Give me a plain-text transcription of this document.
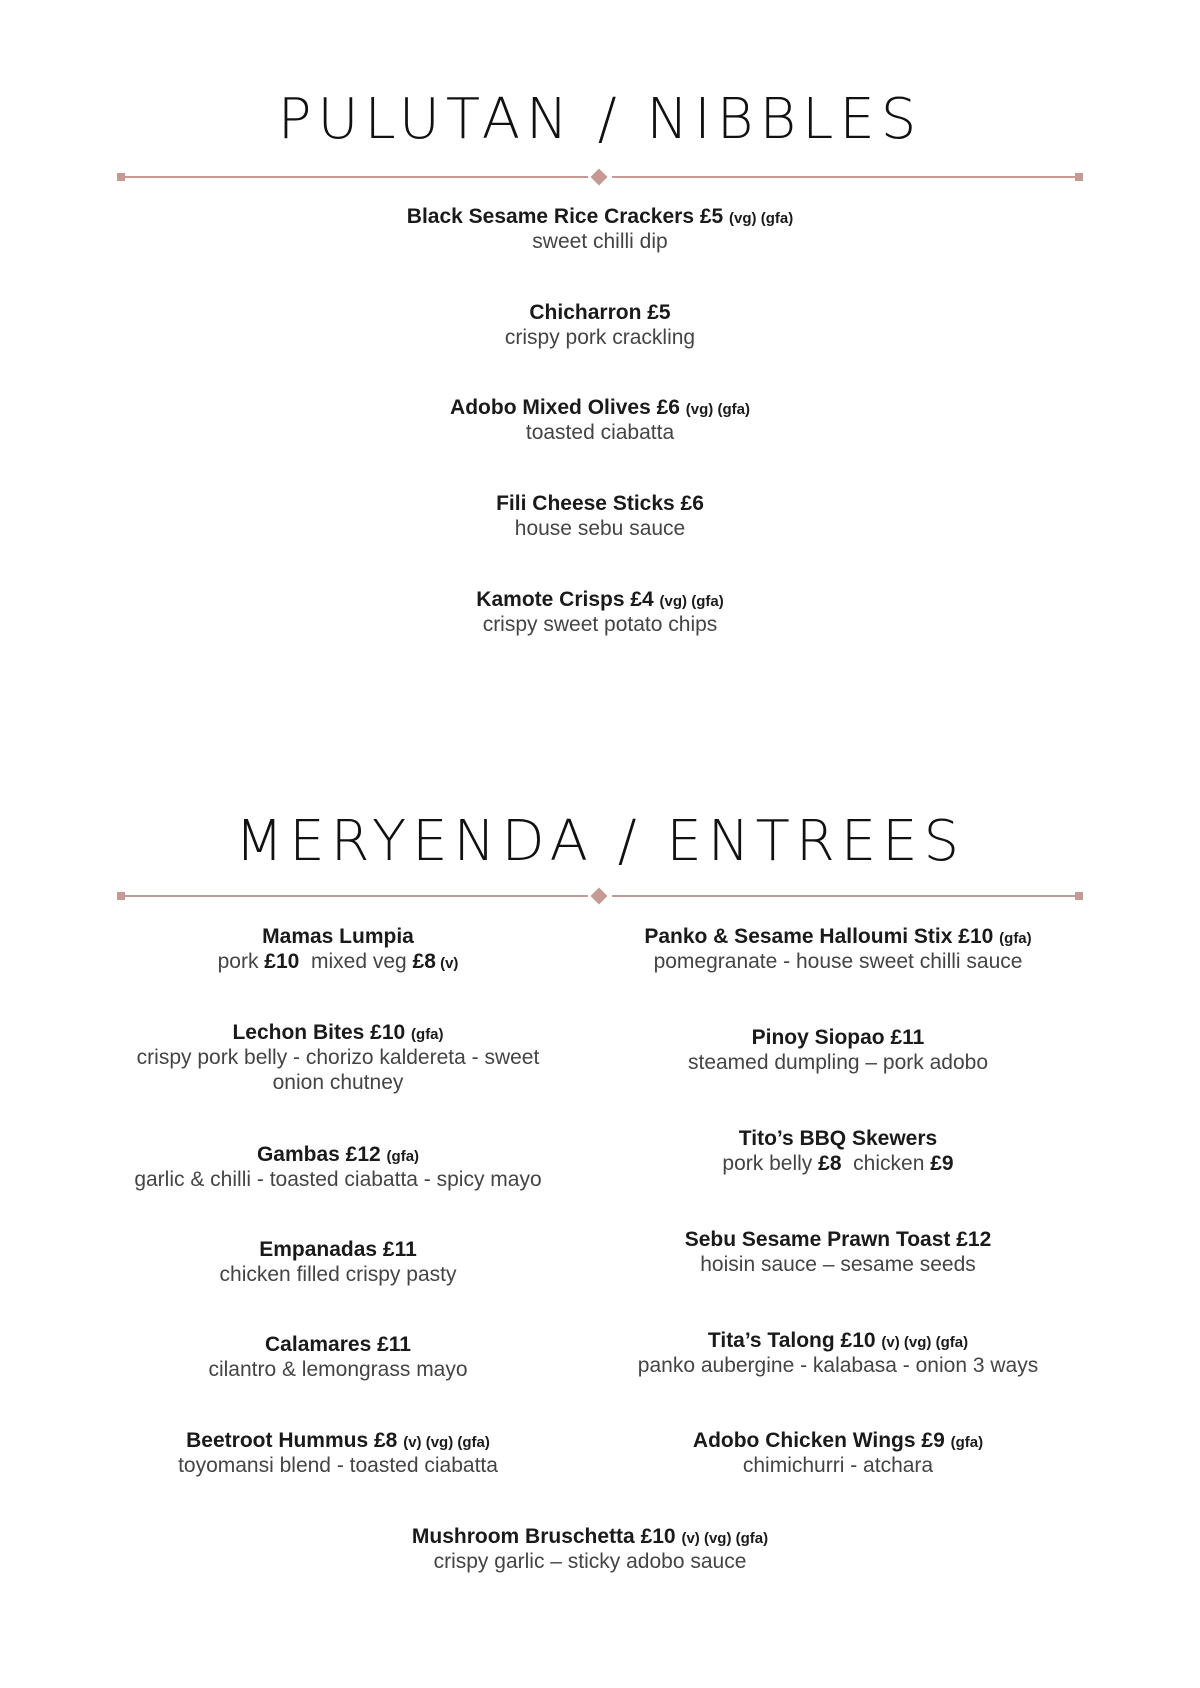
PULUTAN / NIBBLES
Black Sesame Rice Crackers £5 (vg) (gfa)
sweet chilli dip
Chicharron £5
crispy pork crackling
Adobo Mixed Olives £6 (vg) (gfa)
toasted ciabatta
Fili Cheese Sticks £6
house sebu sauce
Kamote Crisps £4 (vg) (gfa)
crispy sweet potato chips
MERYENDA / ENTREES
Mamas Lumpia
pork £10  mixed veg £8 (v)
Lechon Bites £10 (gfa)
crispy pork belly - chorizo kaldereta - sweet onion chutney
Gambas £12 (gfa)
garlic & chilli - toasted ciabatta - spicy mayo
Empanadas £11
chicken filled crispy pasty
Calamares £11
cilantro & lemongrass mayo
Beetroot Hummus £8 (v) (vg) (gfa)
toyomansi blend - toasted ciabatta
Panko & Sesame Halloumi Stix £10 (gfa)
pomegranate - house sweet chilli sauce
Pinoy Siopao £11
steamed dumpling – pork adobo
Tito’s BBQ Skewers
pork belly £8  chicken £9
Sebu Sesame Prawn Toast £12
hoisin sauce – sesame seeds
Tita’s Talong £10 (v) (vg) (gfa)
panko aubergine - kalabasa - onion 3 ways
Adobo Chicken Wings £9 (gfa)
chimichurri - atchara
Mushroom Bruschetta £10 (v) (vg) (gfa)
crispy garlic – sticky adobo sauce
